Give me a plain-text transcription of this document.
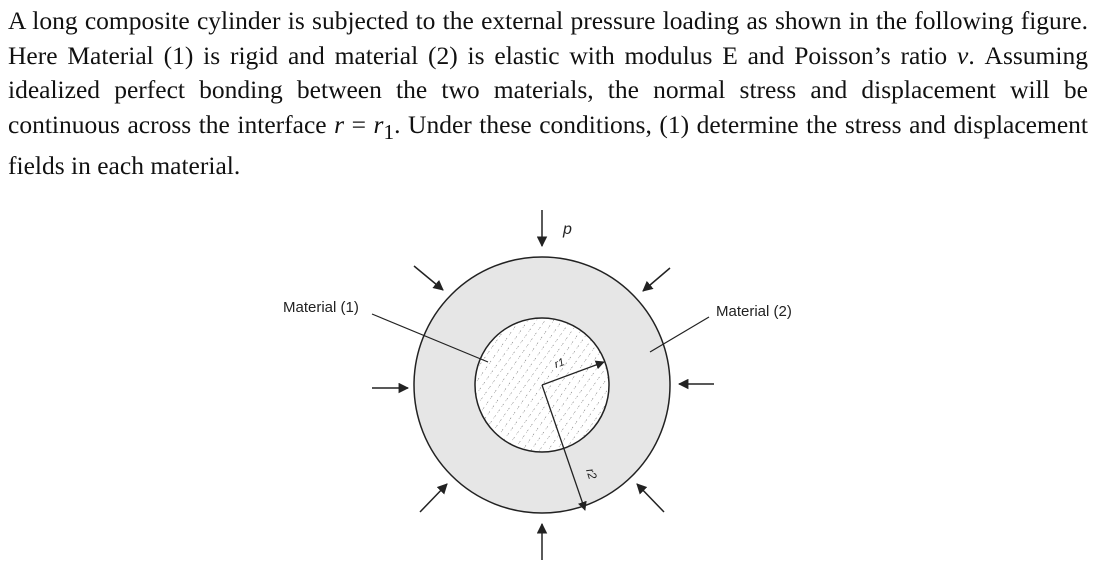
A long composite cylinder is subjected to the external pressure loading as shown in the following figure. Here Material (1) is rigid and material (2) is elastic with modulus E and Poisson’s ratio ν. Assuming idealized perfect bonding between the two materials, the normal stress and displacement will be continuous across the interface $r = r_1$. Under these conditions, (1) determine the stress and displacement fields in each material.

p
Material (1)	Material (2)
r1
r2
